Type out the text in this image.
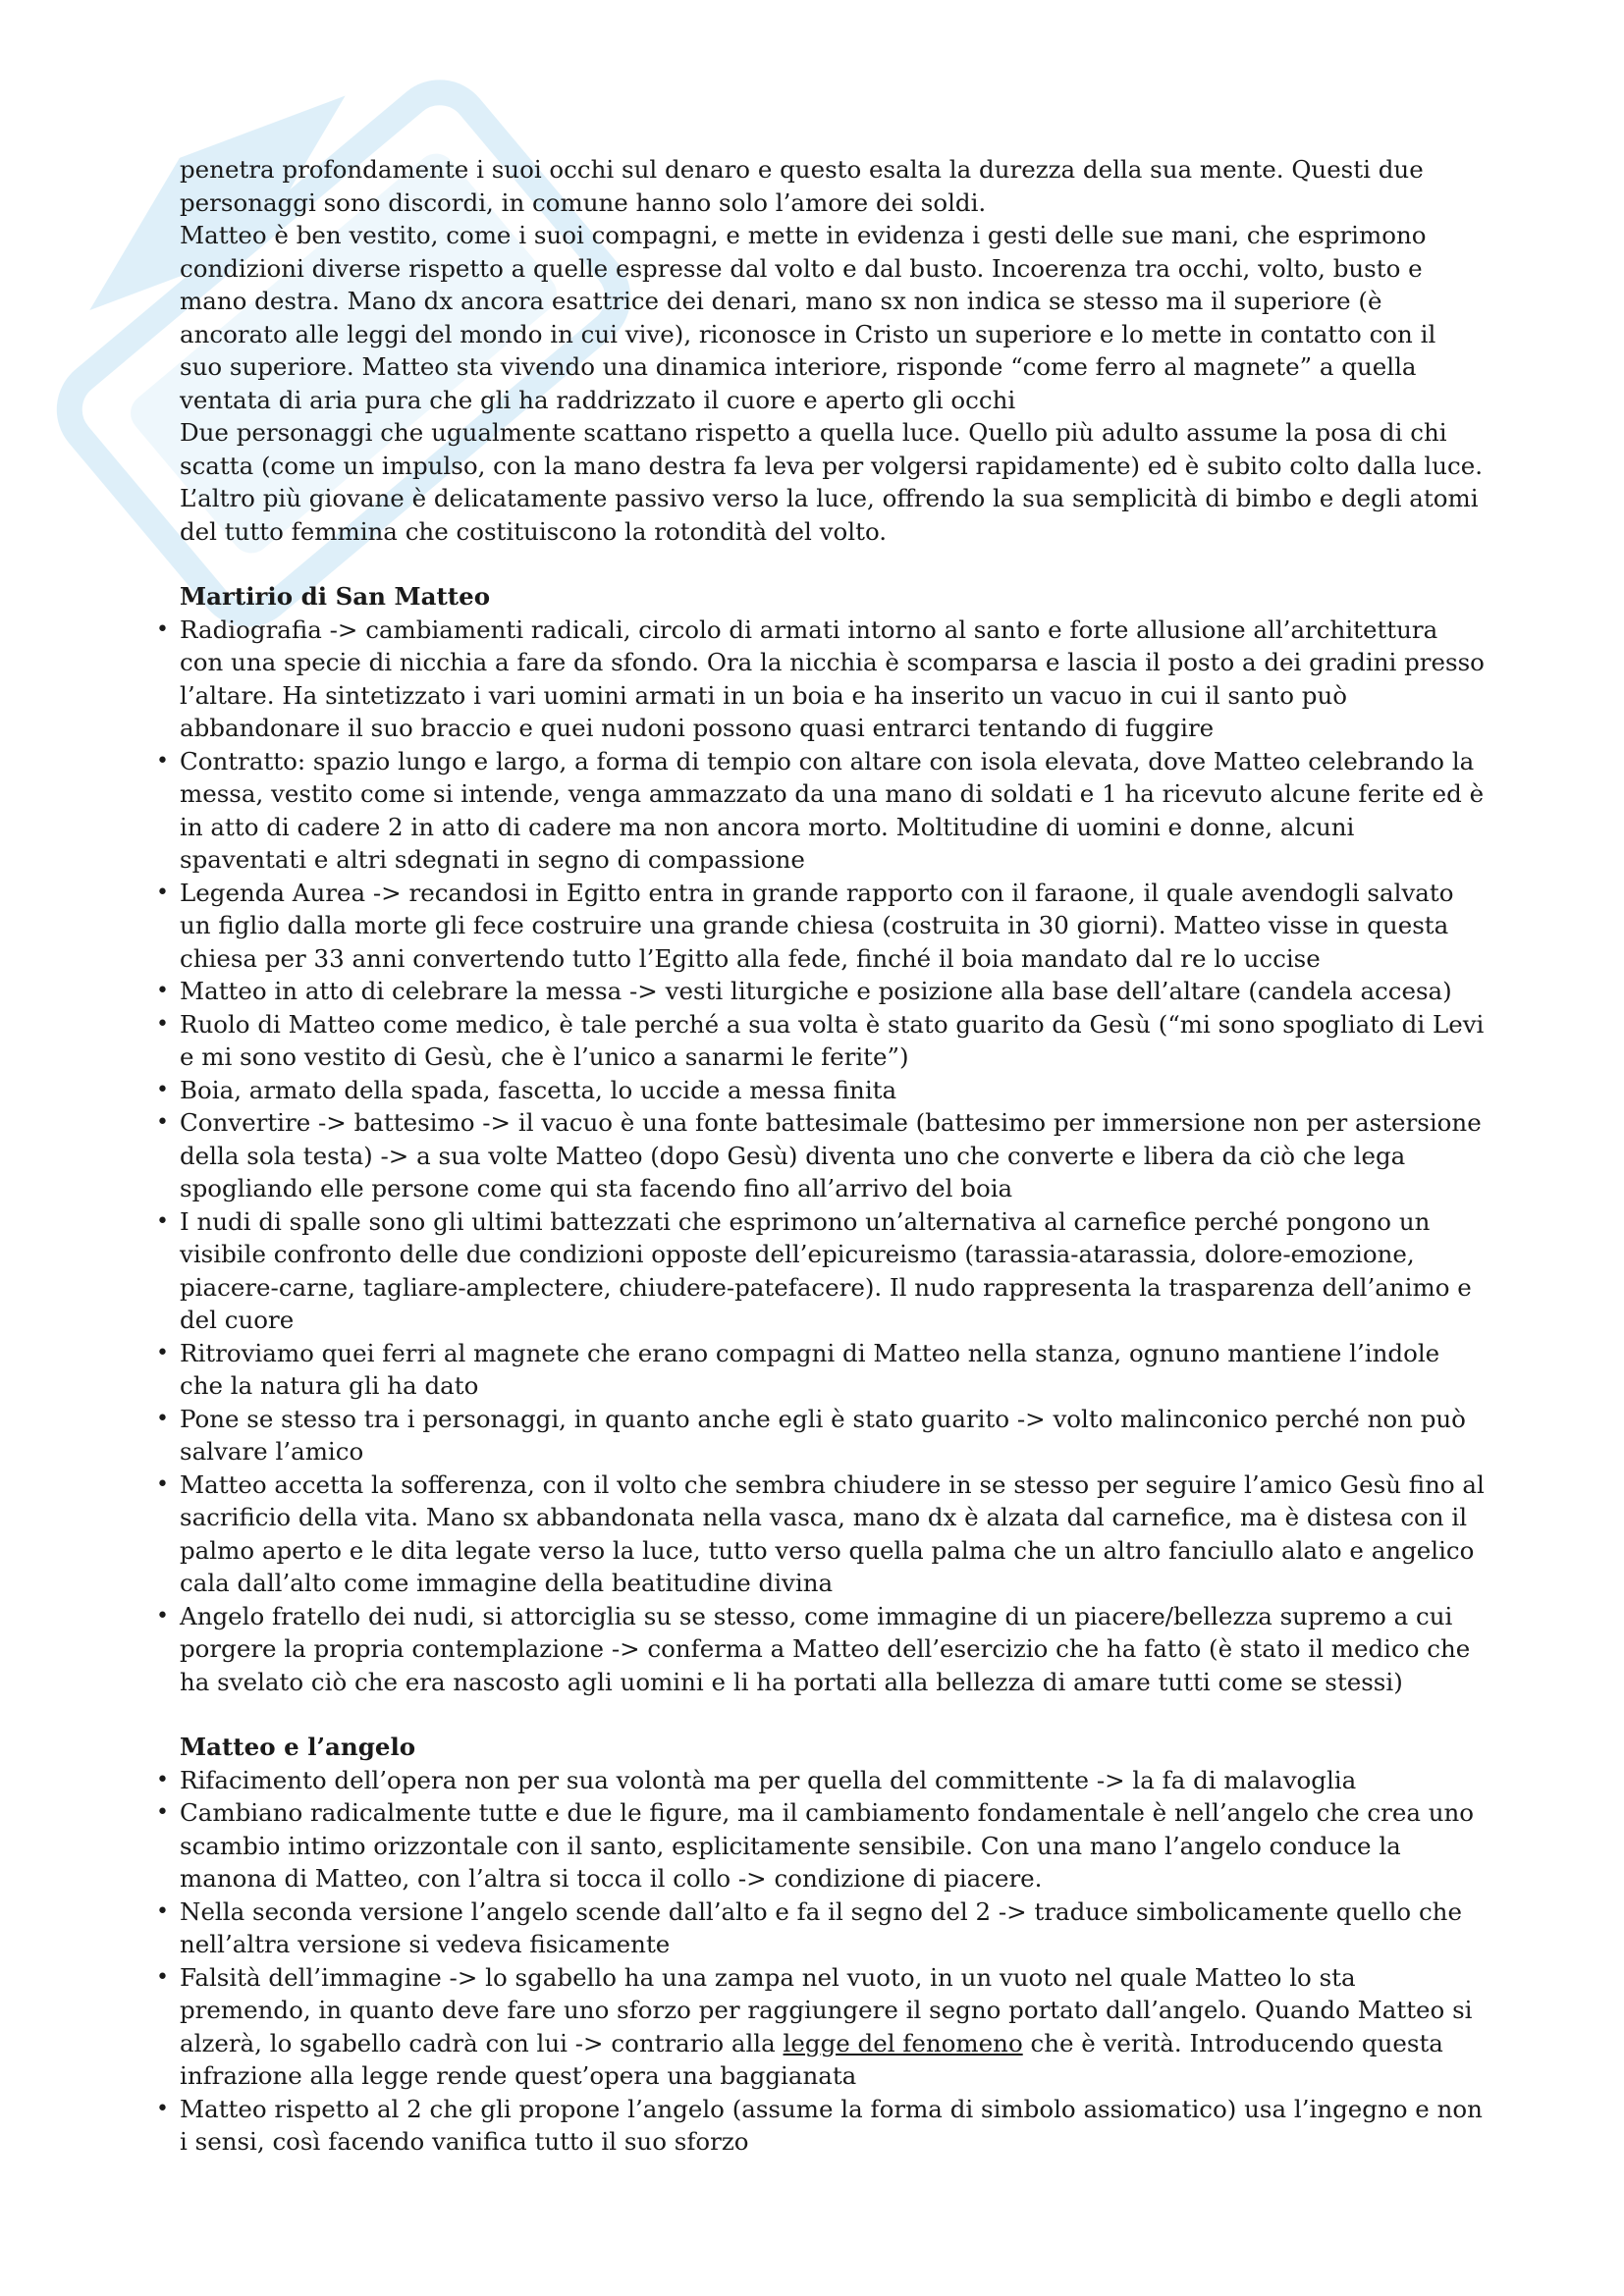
penetra profondamente i suoi occhi sul denaro e questo esalta la durezza della sua mente. Questi due personaggi sono discordi, in comune hanno solo l’amore dei soldi.

Matteo è ben vestito, come i suoi compagni, e mette in evidenza i gesti delle sue mani, che esprimono condizioni diverse rispetto a quelle espresse dal volto e dal busto. Incoerenza tra occhi, volto, busto e mano destra. Mano dx ancora esattrice dei denari, mano sx non indica se stesso ma il superiore (è ancorato alle leggi del mondo in cui vive), riconosce in Cristo un superiore e lo mette in contatto con il suo superiore. Matteo sta vivendo una dinamica interiore, risponde “come ferro al magnete” a quella ventata di aria pura che gli ha raddrizzato il cuore e aperto gli occhi

Due personaggi che ugualmente scattano rispetto a quella luce. Quello più adulto assume la posa di chi scatta (come un impulso, con la mano destra fa leva per volgersi rapidamente) ed è subito colto dalla luce. L’altro più giovane è delicatamente passivo verso la luce, offrendo la sua semplicità di bimbo e degli atomi del tutto femmina che costituiscono la rotondità del volto.

Martirio di San Matteo

• Radiografia -> cambiamenti radicali, circolo di armati intorno al santo e forte allusione all’architettura con una specie di nicchia a fare da sfondo. Ora la nicchia è scomparsa e lascia il posto a dei gradini presso l’altare. Ha sintetizzato i vari uomini armati in un boia e ha inserito un vacuo in cui il santo può abbandonare il suo braccio e quei nudoni possono quasi entrarci tentando di fuggire
• Contratto: spazio lungo e largo, a forma di tempio con altare con isola elevata, dove Matteo celebrando la messa, vestito come si intende, venga ammazzato da una mano di soldati e 1 ha ricevuto alcune ferite ed è in atto di cadere 2 in atto di cadere ma non ancora morto. Moltitudine di uomini e donne, alcuni spaventati e altri sdegnati in segno di compassione
• Legenda Aurea -> recandosi in Egitto entra in grande rapporto con il faraone, il quale avendogli salvato un figlio dalla morte gli fece costruire una grande chiesa (costruita in 30 giorni). Matteo visse in questa chiesa per 33 anni convertendo tutto l’Egitto alla fede, finché il boia mandato dal re lo uccise
• Matteo in atto di celebrare la messa -> vesti liturgiche e posizione alla base dell’altare (candela accesa)
• Ruolo di Matteo come medico, è tale perché a sua volta è stato guarito da Gesù (“mi sono spogliato di Levi e mi sono vestito di Gesù, che è l’unico a sanarmi le ferite”)
• Boia, armato della spada, fascetta, lo uccide a messa finita
• Convertire -> battesimo -> il vacuo è una fonte battesimale (battesimo per immersione non per astersione della sola testa) -> a sua volte Matteo (dopo Gesù) diventa uno che converte e libera da ciò che lega spogliando elle persone come qui sta facendo fino all’arrivo del boia
• I nudi di spalle sono gli ultimi battezzati che esprimono un’alternativa al carnefice perché pongono un visibile confronto delle due condizioni opposte dell’epicureismo (tarassia-atarassia, dolore-emozione, piacere-carne, tagliare-amplectere, chiudere-patefacere). Il nudo rappresenta la trasparenza dell’animo e del cuore
• Ritroviamo quei ferri al magnete che erano compagni di Matteo nella stanza, ognuno mantiene l’indole che la natura gli ha dato
• Pone se stesso tra i personaggi, in quanto anche egli è stato guarito -> volto malinconico perché non può salvare l’amico
• Matteo accetta la sofferenza, con il volto che sembra chiudere in se stesso per seguire l’amico Gesù fino al sacrificio della vita. Mano sx abbandonata nella vasca, mano dx è alzata dal carnefice, ma è distesa con il palmo aperto e le dita legate verso la luce, tutto verso quella palma che un altro fanciullo alato e angelico cala dall’alto come immagine della beatitudine divina
• Angelo fratello dei nudi, si attorciglia su se stesso, come immagine di un piacere/bellezza supremo a cui porgere la propria contemplazione -> conferma a Matteo dell’esercizio che ha fatto (è stato il medico che ha svelato ciò che era nascosto agli uomini e li ha portati alla bellezza di amare tutti come se stessi)

Matteo e l’angelo

• Rifacimento dell’opera non per sua volontà ma per quella del committente -> la fa di malavoglia
• Cambiano radicalmente tutte e due le figure, ma il cambiamento fondamentale è nell’angelo che crea uno scambio intimo orizzontale con il santo, esplicitamente sensibile. Con una mano l’angelo conduce la manona di Matteo, con l’altra si tocca il collo -> condizione di piacere.
• Nella seconda versione l’angelo scende dall’alto e fa il segno del 2 -> traduce simbolicamente quello che nell’altra versione si vedeva fisicamente
• Falsità dell’immagine -> lo sgabello ha una zampa nel vuoto, in un vuoto nel quale Matteo lo sta premendo, in quanto deve fare uno sforzo per raggiungere il segno portato dall’angelo. Quando Matteo si alzerà, lo sgabello cadrà con lui -> contrario alla legge del fenomeno che è verità. Introducendo questa infrazione alla legge rende quest’opera una baggianata
• Matteo rispetto al 2 che gli propone l’angelo (assume la forma di simbolo assiomatico) usa l’ingegno e non i sensi, così facendo vanifica tutto il suo sforzo
